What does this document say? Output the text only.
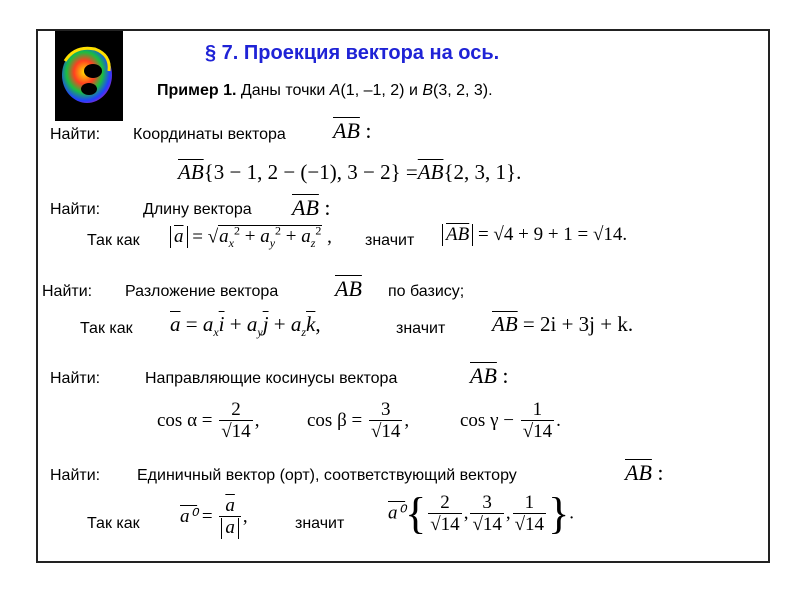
§ 7. Проекция вектора на ось.
Пример 1. Даны точки A(1, –1, 2) и B(3, 2, 3).
Найти: Координаты вектора $\overline{AB}$ :
$\overline{AB}\{3 - 1$, 2 − (−1), $3 - 2\} =\overline{AB}\{2$, 3, 1}.
Найти:	Длину вектора $\overline{AB}$ :
Так как $\overline{a} = √a_x^2 + a_y^2 + a_z^2$ , значит $\overline{AB} = √4 + 9 + 1 = √14$.
Найти: Разложение вектора	$\overline{AB}$ по базису;
Так как $\overline{a} = a_x\overline{i} + a_y\overline{j} + a_z\overline{k}$,	значит $\overline{AB} = 2i + 3j + k$.
Найти:	Направляющие косинусы вектора	$\overline{AB}$ :
$\cos \alpha = \frac{2}{√14}$ ,	$\cos \beta = \frac{3}{√14}$ ,	$\cos \gamma - \frac{1}{√14}$ .
Найти: Единичный вектор (орт), соответствующий вектору	$\overline{AB}$ :
Так как $a^0 = \frac{\overline{a}}{a}$ ,	значит
$a^0\{ \frac{2}{√14}$ , $\frac{3}{√14}$ , $\frac{1}{√14}$ }.
